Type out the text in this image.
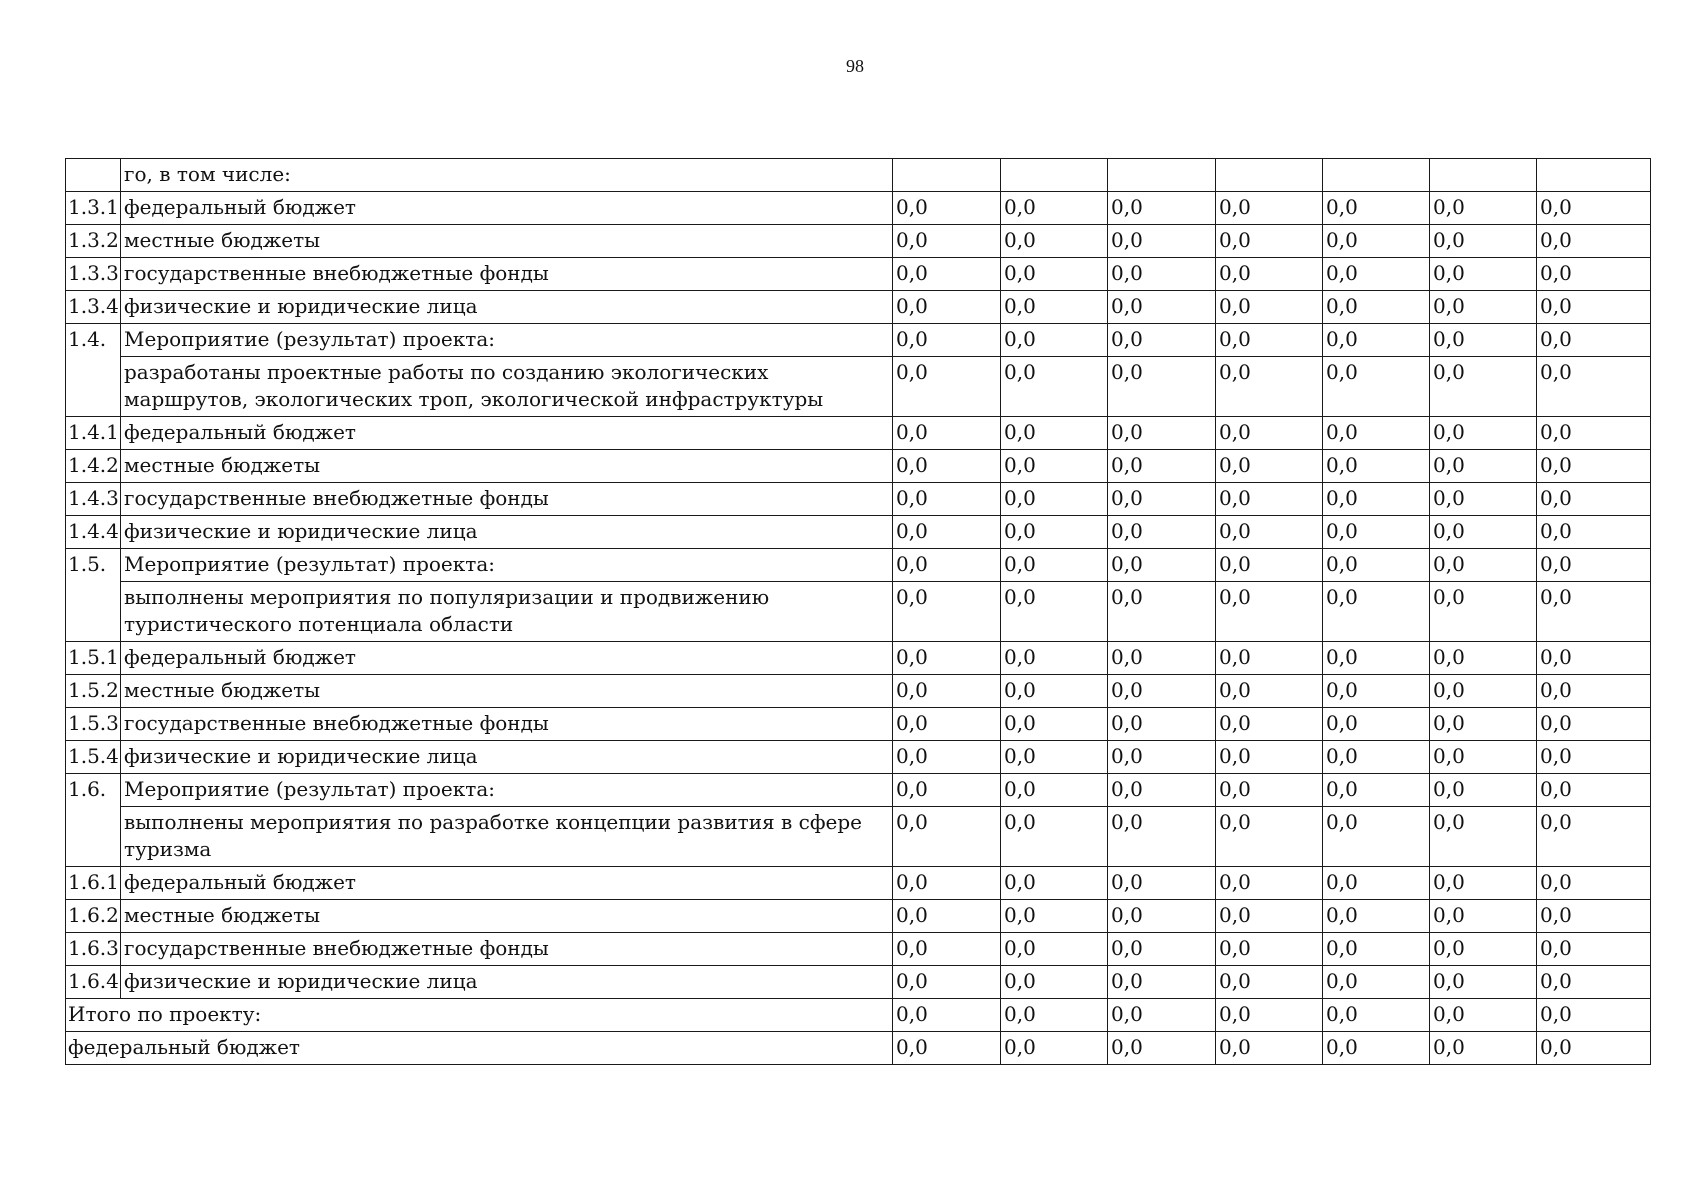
98
	го, в том числе:							
1.3.1	федеральный бюджет	0,0	0,0	0,0	0,0	0,0	0,0	0,0
1.3.2	местные бюджеты	0,0	0,0	0,0	0,0	0,0	0,0	0,0
1.3.3	государственные внебюджетные фонды	0,0	0,0	0,0	0,0	0,0	0,0	0,0
1.3.4	физические и юридические лица	0,0	0,0	0,0	0,0	0,0	0,0	0,0
1.4.	Мероприятие (результат) проекта:	0,0	0,0	0,0	0,0	0,0	0,0	0,0
	разработаны проектные работы по созданию экологических маршрутов, экологических троп, экологической инфраструктуры	0,0	0,0	0,0	0,0	0,0	0,0	0,0
1.4.1	федеральный бюджет	0,0	0,0	0,0	0,0	0,0	0,0	0,0
1.4.2	местные бюджеты	0,0	0,0	0,0	0,0	0,0	0,0	0,0
1.4.3	государственные внебюджетные фонды	0,0	0,0	0,0	0,0	0,0	0,0	0,0
1.4.4	физические и юридические лица	0,0	0,0	0,0	0,0	0,0	0,0	0,0
1.5.	Мероприятие (результат) проекта:	0,0	0,0	0,0	0,0	0,0	0,0	0,0
	выполнены мероприятия по популяризации и продвижению туристического потенциала области	0,0	0,0	0,0	0,0	0,0	0,0	0,0
1.5.1	федеральный бюджет	0,0	0,0	0,0	0,0	0,0	0,0	0,0
1.5.2	местные бюджеты	0,0	0,0	0,0	0,0	0,0	0,0	0,0
1.5.3	государственные внебюджетные фонды	0,0	0,0	0,0	0,0	0,0	0,0	0,0
1.5.4	физические и юридические лица	0,0	0,0	0,0	0,0	0,0	0,0	0,0
1.6.	Мероприятие (результат) проекта:	0,0	0,0	0,0	0,0	0,0	0,0	0,0
	выполнены мероприятия по разработке концепции развития в сфере туризма	0,0	0,0	0,0	0,0	0,0	0,0	0,0
1.6.1	федеральный бюджет	0,0	0,0	0,0	0,0	0,0	0,0	0,0
1.6.2	местные бюджеты	0,0	0,0	0,0	0,0	0,0	0,0	0,0
1.6.3	государственные внебюджетные фонды	0,0	0,0	0,0	0,0	0,0	0,0	0,0
1.6.4	физические и юридические лица	0,0	0,0	0,0	0,0	0,0	0,0	0,0
Итого по проекту:		0,0	0,0	0,0	0,0	0,0	0,0	0,0
федеральный бюджет		0,0	0,0	0,0	0,0	0,0	0,0	0,0
